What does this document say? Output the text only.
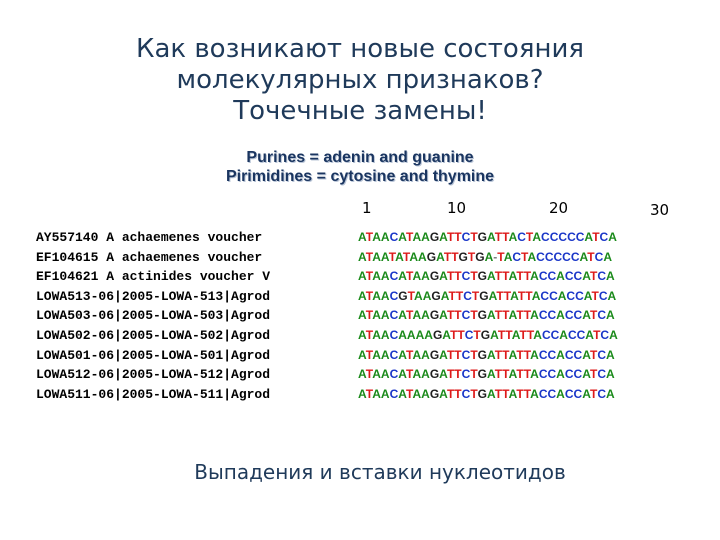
Как возникают новые состояния
молекулярных признаков?
Точечные замены!
Purines = adenin and guanine
Pirimidines = cytosine and thymine
1	10	20	30
AY557140 A achaemenes voucher	ATAACATAAGATTCTGATTACTACCCCCATCA
EF104615 A achaemenes voucher	ATAATATAAGATTGTGA-TACTACCCCCATCA
EF104621 A actinides voucher V	ATAACATAAGATTCTGATTATTACCACCATCA
LOWA513-06|2005-LOWA-513|Agrod	ATAACGTAAGATTCTGATTATTACCACCATCA
LOWA503-06|2005-LOWA-503|Agrod	ATAACATAAGATTCTGATTATTACCACCATCA
LOWA502-06|2005-LOWA-502|Agrod	ATAACAAAAGATTCTGATTATTACCACCATCA
LOWA501-06|2005-LOWA-501|Agrod	ATAACATAAGATTCTGATTATTACCACCATCA
LOWA512-06|2005-LOWA-512|Agrod	ATAACATAAGATTCTGATTATTACCACCATCA
LOWA511-06|2005-LOWA-511|Agrod	ATAACATAAGATTCTGATTATTACCACCATCA
Выпадения и вставки нуклеотидов
